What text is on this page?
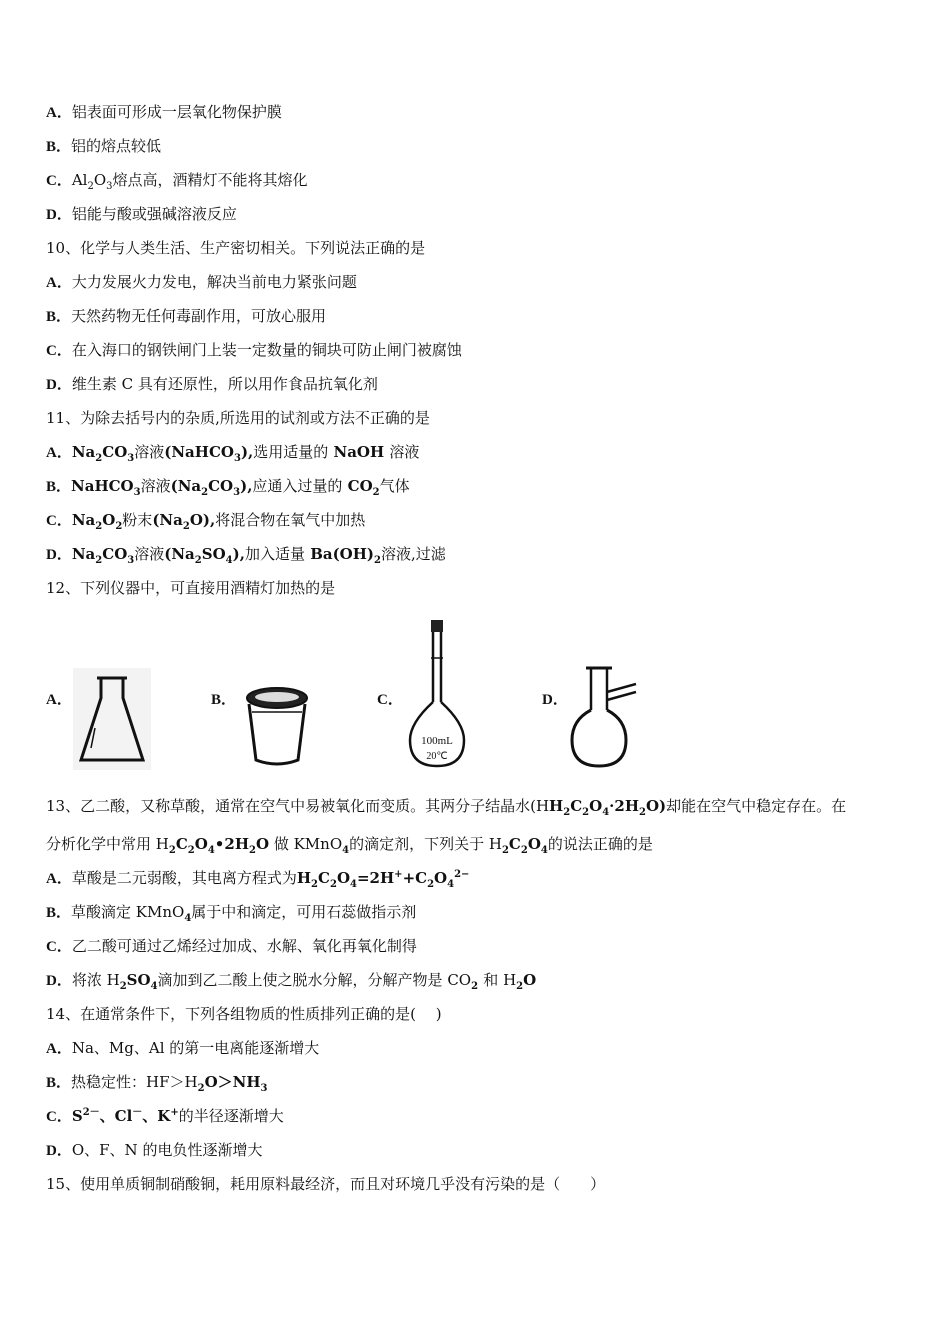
A．铝表面可形成一层氧化物保护膜
B．铝的熔点较低
C．$Al_2O_3$熔点高，酒精灯不能将其熔化
D．铝能与酸或强碱溶液反应
10、化学与人类生活、生产密切相关。下列说法正确的是
A．大力发展火力发电，解决当前电力紧张问题
B．天然药物无任何毒副作用，可放心服用
C．在入海口的钢铁闸门上装一定数量的铜块可防止闸门被腐蚀
D．维生素 C 具有还原性，所以用作食品抗氧化剂
11、为除去括号内的杂质,所选用的试剂或方法不正确的是
A．$Na_2CO_3$溶液(NaHCO$_3$),选用适量的 NaOH 溶液
B．NaHCO$_3$溶液$(Na_2CO_3)$,应通入过量的 $CO_2$气体
C．$Na_2O_2$粉末$(Na_2O)$,将混合物在氧气中加热
D．$Na_2CO_3$溶液$(Na_2SO_4)$,加入适量 $Ba(OH)_2$溶液,过滤
12、下列仪器中，可直接用酒精灯加热的是
A．	B．	C．	D．
100mL
20℃
13、乙二酸，又称草酸，通常在空气中易被氧化而变质。其两分子结晶水$(HH_2C_2O_4\cdot 2H_2O)$却能在空气中稳定存在。在
分析化学中常用 $H_2C_2O_4•2H_2O$ 做 KMnO$_4$的滴定剂，下列关于 $H_2C_2O_4$的说法正确的是
A．草酸是二元弱酸，其电离方程式为$H_2C_2O_4=2H^++C_2O_4^{2-}$
B．草酸滴定 KMnO$_4$属于中和滴定，可用石蕊做指示剂
C．乙二酸可通过乙烯经过加成、水解、氧化再氧化制得
D．将浓 $H_2SO_4$滴加到乙二酸上使之脱水分解，分解产物是 $CO_2$ 和 $H_2O$
14、在通常条件下，下列各组物质的性质排列正确的是(　 )
A．Na、Mg、Al 的第一电离能逐渐增大
B．热稳定性：$HF>H_2O>NH_3$
C．$S^{2-}$、Cl－、K+的半径逐渐增大
D．O、F、N 的电负性逐渐增大
15、使用单质铜制硝酸铜，耗用原料最经济，而且对环境几乎没有污染的是（　　）
